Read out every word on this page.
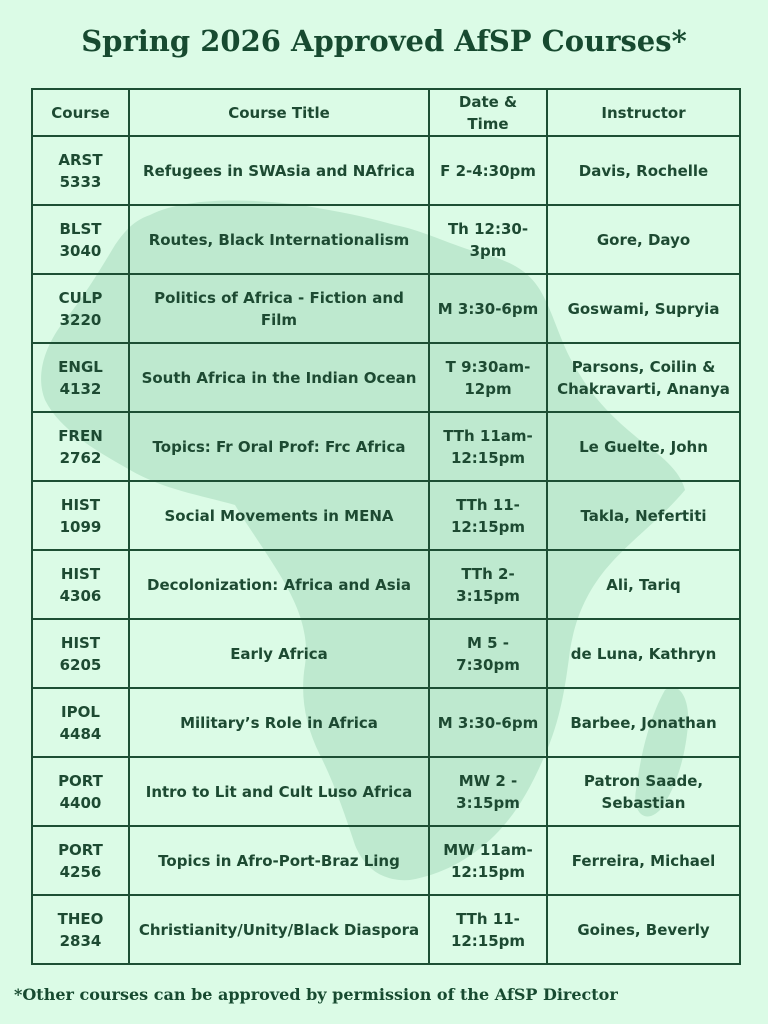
Spring 2026 Approved AfSP Courses*
Course	Course Title	Date & Time	Instructor

ARST
5333	Refugees in SWAsia and NAfrica	F 2-4:30pm	Davis, Rochelle

BLST
3040	Routes, Black Internationalism	Th 12:30-
3pm	Gore, Dayo

CULP
3220	Politics of Africa - Fiction and Film	M 3:30-6pm	Goswami, Supryia

ENGL
4132	South Africa in the Indian Ocean	T 9:30am-
12pm	Parsons, Coilin &
Chakravarti, Ananya

FREN
2762	Topics: Fr Oral Prof: Frc Africa	TTh 11am-
12:15pm	Le Guelte, John

HIST
1099	Social Movements in MENA	TTh 11-
12:15pm	Takla, Nefertiti

HIST
4306	Decolonization: Africa and Asia	TTh 2-
3:15pm	Ali, Tariq

HIST
6205	Early Africa	M 5 -
7:30pm	de Luna, Kathryn

IPOL
4484	Military’s Role in Africa	M 3:30-6pm	Barbee, Jonathan

PORT
4400	Intro to Lit and Cult Luso Africa	MW 2 -
3:15pm	Patron Saade,
Sebastian

PORT
4256	Topics in Afro-Port-Braz Ling	MW 11am-
12:15pm	Ferreira, Michael

THEO
2834	Christianity/Unity/Black Diaspora	TTh 11-
12:15pm	Goines, Beverly
*Other courses can be approved by permission of the AfSP Director
